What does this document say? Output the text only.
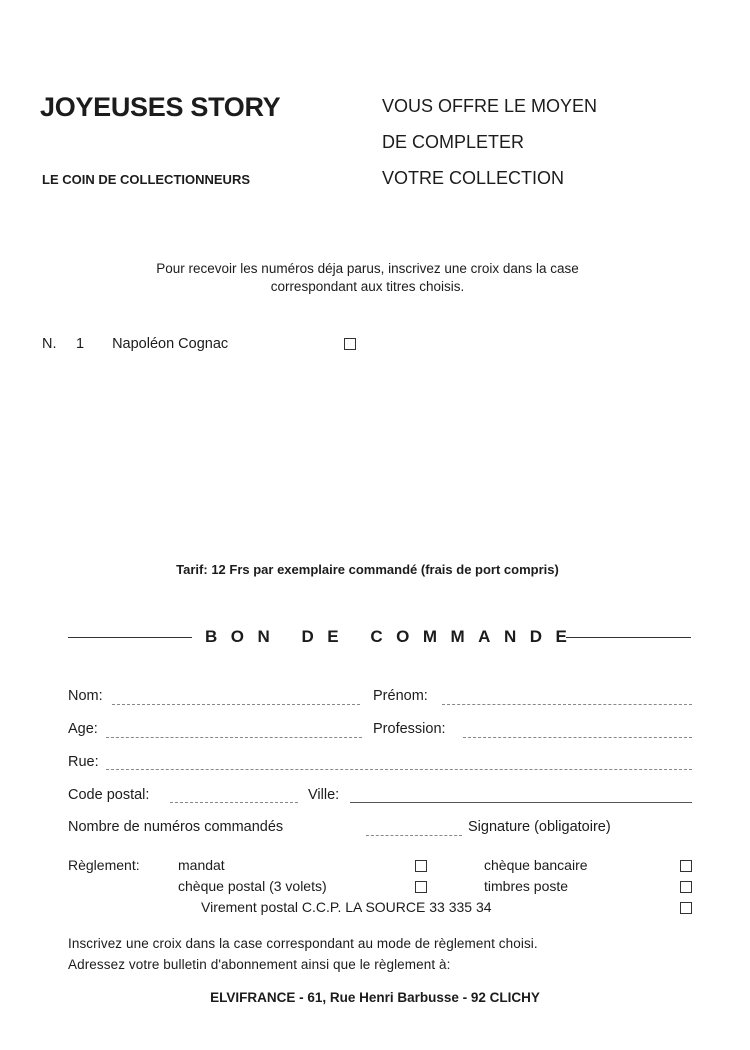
JOYEUSES STORY
LE COIN DE COLLECTIONNEURS
VOUS OFFRE LE MOYEN
DE COMPLETER
VOTRE COLLECTION
Pour recevoir les numéros déja parus, inscrivez une croix dans la case
correspondant aux titres choisis.
N. 1 Napoléon Cognac
Tarif: 12 Frs par exemplaire commandé (frais de port compris)
BON DE COMMANDE
Nom:	Prénom:
Age:	Profession:
Rue:
Code postal:	Ville:
Nombre de numéros commandés	Signature (obligatoire)
Règlement:	mandat	chèque bancaire
chèque postal (3 volets)	timbres poste
Virement postal C.C.P. LA SOURCE 33 335 34
Inscrivez une croix dans la case correspondant au mode de règlement choisi.
Adressez votre bulletin d'abonnement ainsi que le règlement à:
ELVIFRANCE - 61, Rue Henri Barbusse - 92 CLICHY
